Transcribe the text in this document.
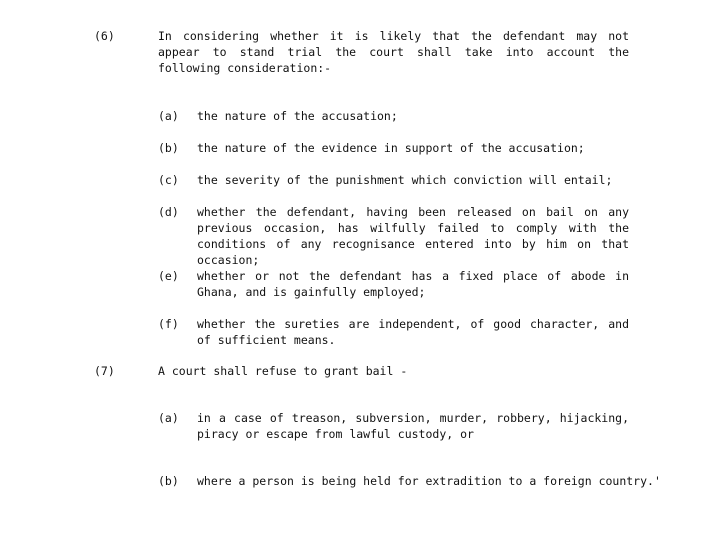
(6)	In considering whether it is likely that the defendant may not appear to stand trial the court shall take into account the following consideration:-
(a) the nature of the accusation;
(b) the nature of the evidence in support of the accusation;
(c) the severity of the punishment which conviction will entail;
(d) whether the defendant, having been released on bail on any previous occasion, has wilfully failed to comply with the conditions of any recognisance entered into by him on that occasion;
(e) whether or not the defendant has a fixed place of abode in Ghana, and is gainfully employed;
(f) whether the sureties are independent, of good character, and of sufficient means.
(7)	A court shall refuse to grant bail -
(a) in a case of treason, subversion, murder, robbery, hijacking, piracy or escape from lawful custody, or
(b) where a person is being held for extradition to a foreign country.'
